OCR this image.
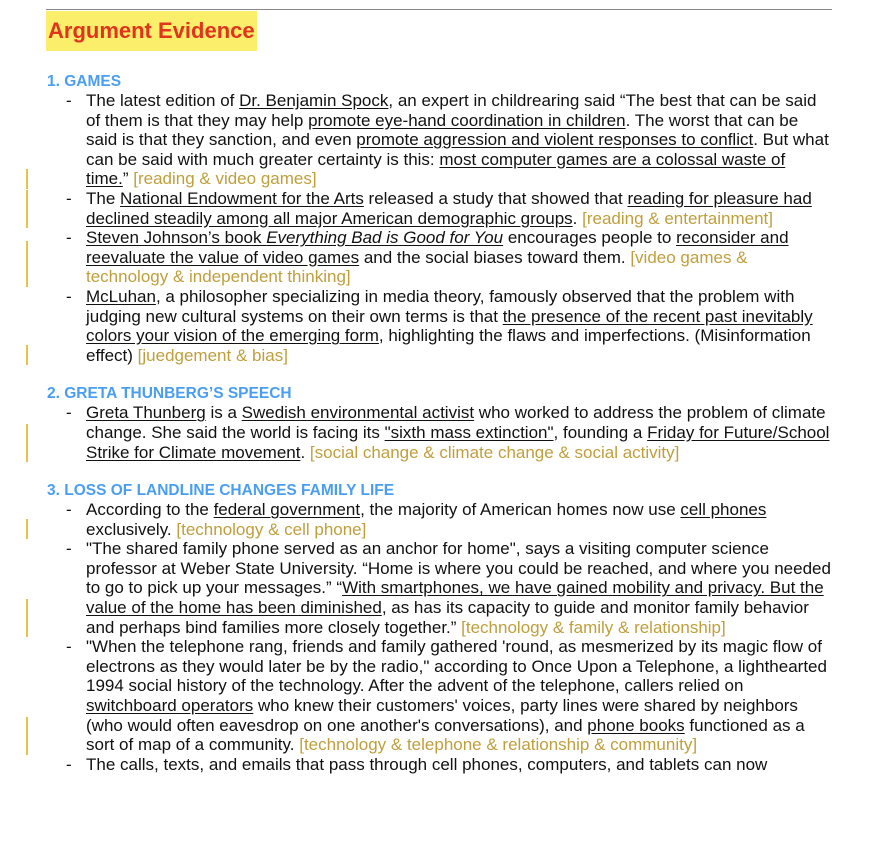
Argument Evidence
1. GAMES
- The latest edition of Dr. Benjamin Spock, an expert in childrearing said “The best that can be said of them is that they may help promote eye-hand coordination in children. The worst that can be said is that they sanction, and even promote aggression and violent responses to conflict. But what can be said with much greater certainty is this: most computer games are a colossal waste of time.” [reading & video games]
- The National Endowment for the Arts released a study that showed that reading for pleasure had declined steadily among all major American demographic groups. [reading & entertainment]
- Steven Johnson’s book Everything Bad is Good for You encourages people to reconsider and reevaluate the value of video games and the social biases toward them. [video games & technology & independent thinking]
- McLuhan, a philosopher specializing in media theory, famously observed that the problem with judging new cultural systems on their own terms is that the presence of the recent past inevitably colors your vision of the emerging form, highlighting the flaws and imperfections. (Misinformation effect) [juedgement & bias]
2. GRETA THUNBERG’S SPEECH
- Greta Thunberg is a Swedish environmental activist who worked to address the problem of climate change. She said the world is facing its "sixth mass extinction", founding a Friday for Future/School Strike for Climate movement. [social change & climate change & social activity]
3. LOSS OF LANDLINE CHANGES FAMILY LIFE
- According to the federal government, the majority of American homes now use cell phones exclusively. [technology & cell phone]
- "The shared family phone served as an anchor for home", says a visiting computer science professor at Weber State University. “Home is where you could be reached, and where you needed to go to pick up your messages.” “With smartphones, we have gained mobility and privacy. But the value of the home has been diminished, as has its capacity to guide and monitor family behavior and perhaps bind families more closely together.” [technology & family & relationship]
- "When the telephone rang, friends and family gathered 'round, as mesmerized by its magic flow of electrons as they would later be by the radio," according to Once Upon a Telephone, a lighthearted 1994 social history of the technology. After the advent of the telephone, callers relied on switchboard operators who knew their customers' voices, party lines were shared by neighbors (who would often eavesdrop on one another's conversations), and phone books functioned as a sort of map of a community. [technology & telephone & relationship & community]
- The calls, texts, and emails that pass through cell phones, computers, and tablets can now
